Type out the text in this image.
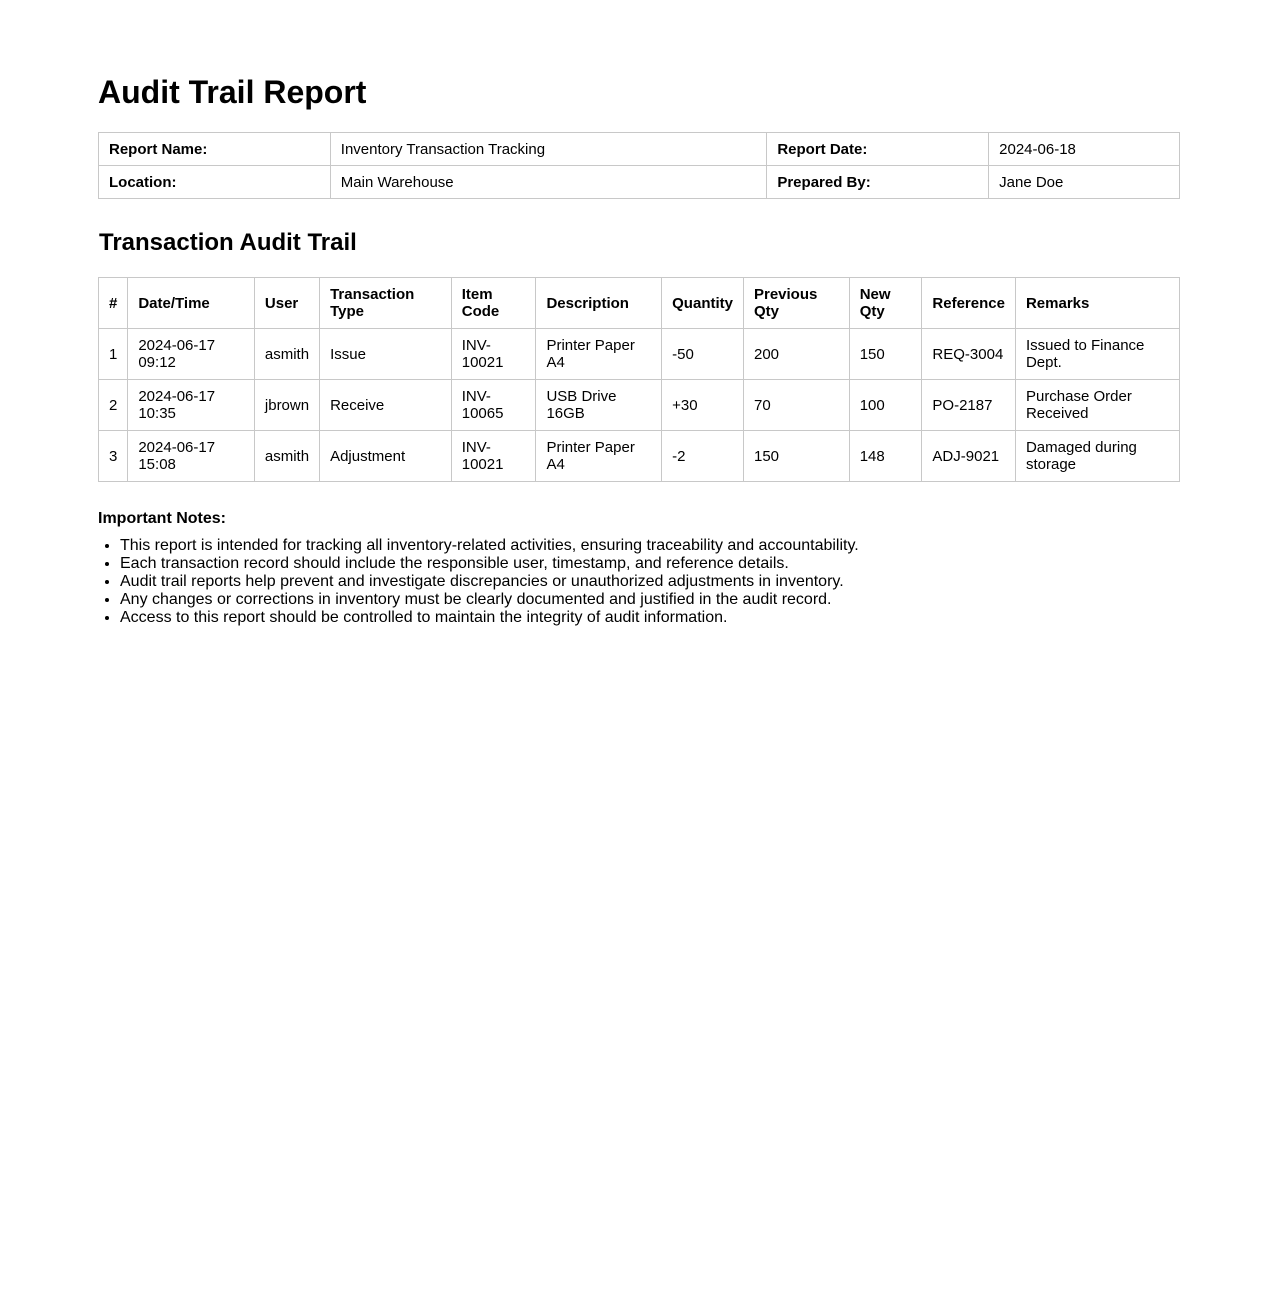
Audit Trail Report
Report Name:	Inventory Transaction Tracking	Report Date:	2024-06-18
Location:	Main Warehouse	Prepared By:	Jane Doe
Transaction Audit Trail
#	Date/Time	User	Transaction Type	Item Code	Description	Quantity	Previous Qty	New Qty	Reference	Remarks
1	2024-06-17 09:12	asmith	Issue	INV-10021	Printer Paper A4	-50	200	150	REQ-3004	Issued to Finance Dept.
2	2024-06-17 10:35	jbrown	Receive	INV-10065	USB Drive 16GB	+30	70	100	PO-2187	Purchase Order Received
3	2024-06-17 15:08	asmith	Adjustment	INV-10021	Printer Paper A4	-2	150	148	ADJ-9021	Damaged during storage
Important Notes:
• This report is intended for tracking all inventory-related activities, ensuring traceability and accountability.
• Each transaction record should include the responsible user, timestamp, and reference details.
• Audit trail reports help prevent and investigate discrepancies or unauthorized adjustments in inventory.
• Any changes or corrections in inventory must be clearly documented and justified in the audit record.
• Access to this report should be controlled to maintain the integrity of audit information.
